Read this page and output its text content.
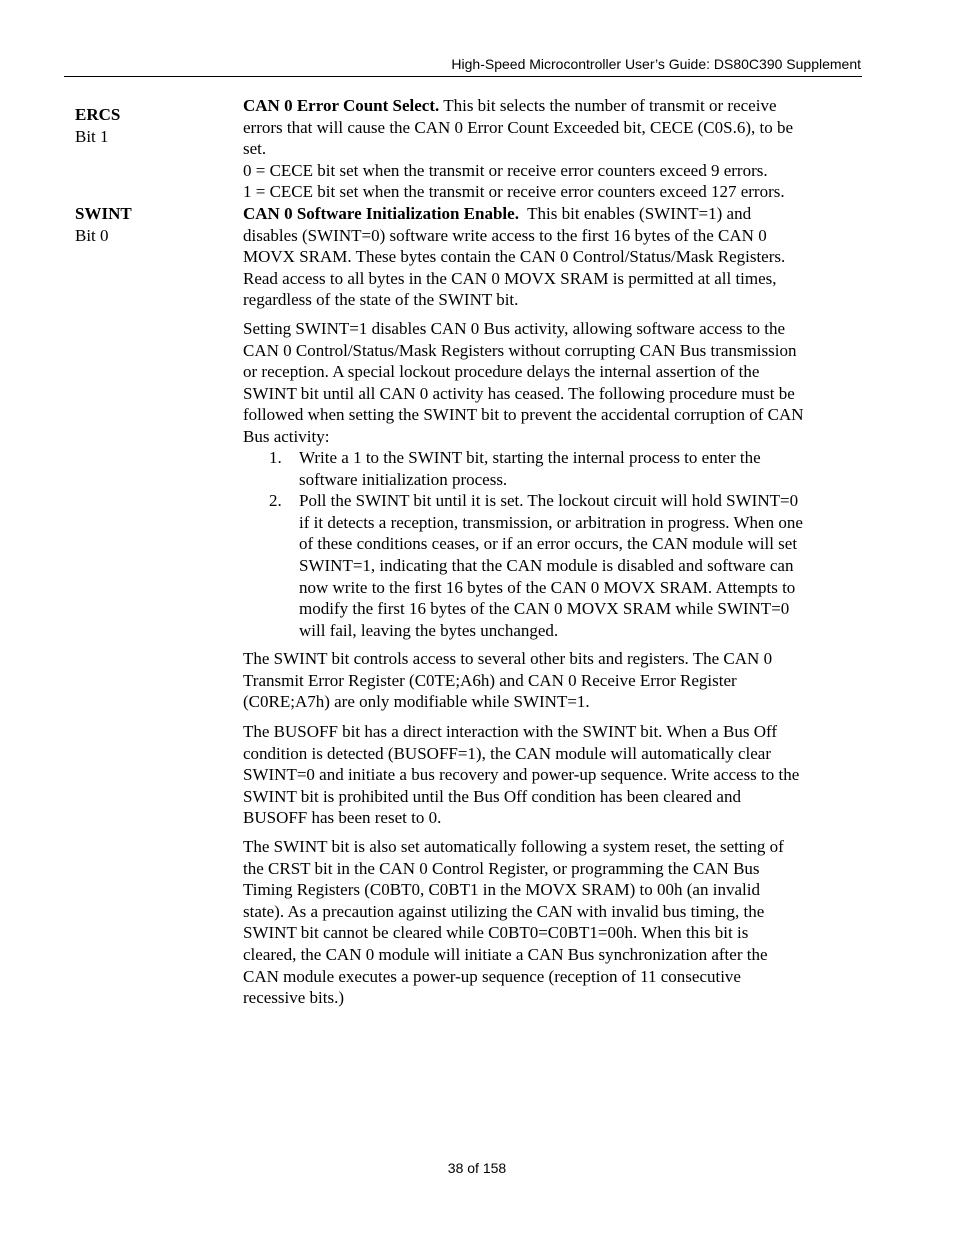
High-Speed Microcontroller User’s Guide: DS80C390 Supplement
ERCS
Bit 1
CAN 0 Error Count Select. This bit selects the number of transmit or receive
errors that will cause the CAN 0 Error Count Exceeded bit, CECE (C0S.6), to be
set.
0 = CECE bit set when the transmit or receive error counters exceed 9 errors.
1 = CECE bit set when the transmit or receive error counters exceed 127 errors.
SWINT
Bit 0
CAN 0 Software Initialization Enable.  This bit enables (SWINT=1) and
disables (SWINT=0) software write access to the first 16 bytes of the CAN 0
MOVX SRAM. These bytes contain the CAN 0 Control/Status/Mask Registers.
Read access to all bytes in the CAN 0 MOVX SRAM is permitted at all times,
regardless of the state of the SWINT bit.
Setting SWINT=1 disables CAN 0 Bus activity, allowing software access to the
CAN 0 Control/Status/Mask Registers without corrupting CAN Bus transmission
or reception. A special lockout procedure delays the internal assertion of the
SWINT bit until all CAN 0 activity has ceased. The following procedure must be
followed when setting the SWINT bit to prevent the accidental corruption of CAN
Bus activity:
1. Write a 1 to the SWINT bit, starting the internal process to enter the
software initialization process.
2. Poll the SWINT bit until it is set. The lockout circuit will hold SWINT=0
if it detects a reception, transmission, or arbitration in progress. When one
of these conditions ceases, or if an error occurs, the CAN module will set
SWINT=1, indicating that the CAN module is disabled and software can
now write to the first 16 bytes of the CAN 0 MOVX SRAM. Attempts to
modify the first 16 bytes of the CAN 0 MOVX SRAM while SWINT=0
will fail, leaving the bytes unchanged.
The SWINT bit controls access to several other bits and registers. The CAN 0
Transmit Error Register (C0TE;A6h) and CAN 0 Receive Error Register
(C0RE;A7h) are only modifiable while SWINT=1.
The BUSOFF bit has a direct interaction with the SWINT bit. When a Bus Off
condition is detected (BUSOFF=1), the CAN module will automatically clear
SWINT=0 and initiate a bus recovery and power-up sequence. Write access to the
SWINT bit is prohibited until the Bus Off condition has been cleared and
BUSOFF has been reset to 0.
The SWINT bit is also set automatically following a system reset, the setting of
the CRST bit in the CAN 0 Control Register, or programming the CAN Bus
Timing Registers (C0BT0, C0BT1 in the MOVX SRAM) to 00h (an invalid
state). As a precaution against utilizing the CAN with invalid bus timing, the
SWINT bit cannot be cleared while C0BT0=C0BT1=00h. When this bit is
cleared, the CAN 0 module will initiate a CAN Bus synchronization after the
CAN module executes a power-up sequence (reception of 11 consecutive
recessive bits.)
38 of 158
